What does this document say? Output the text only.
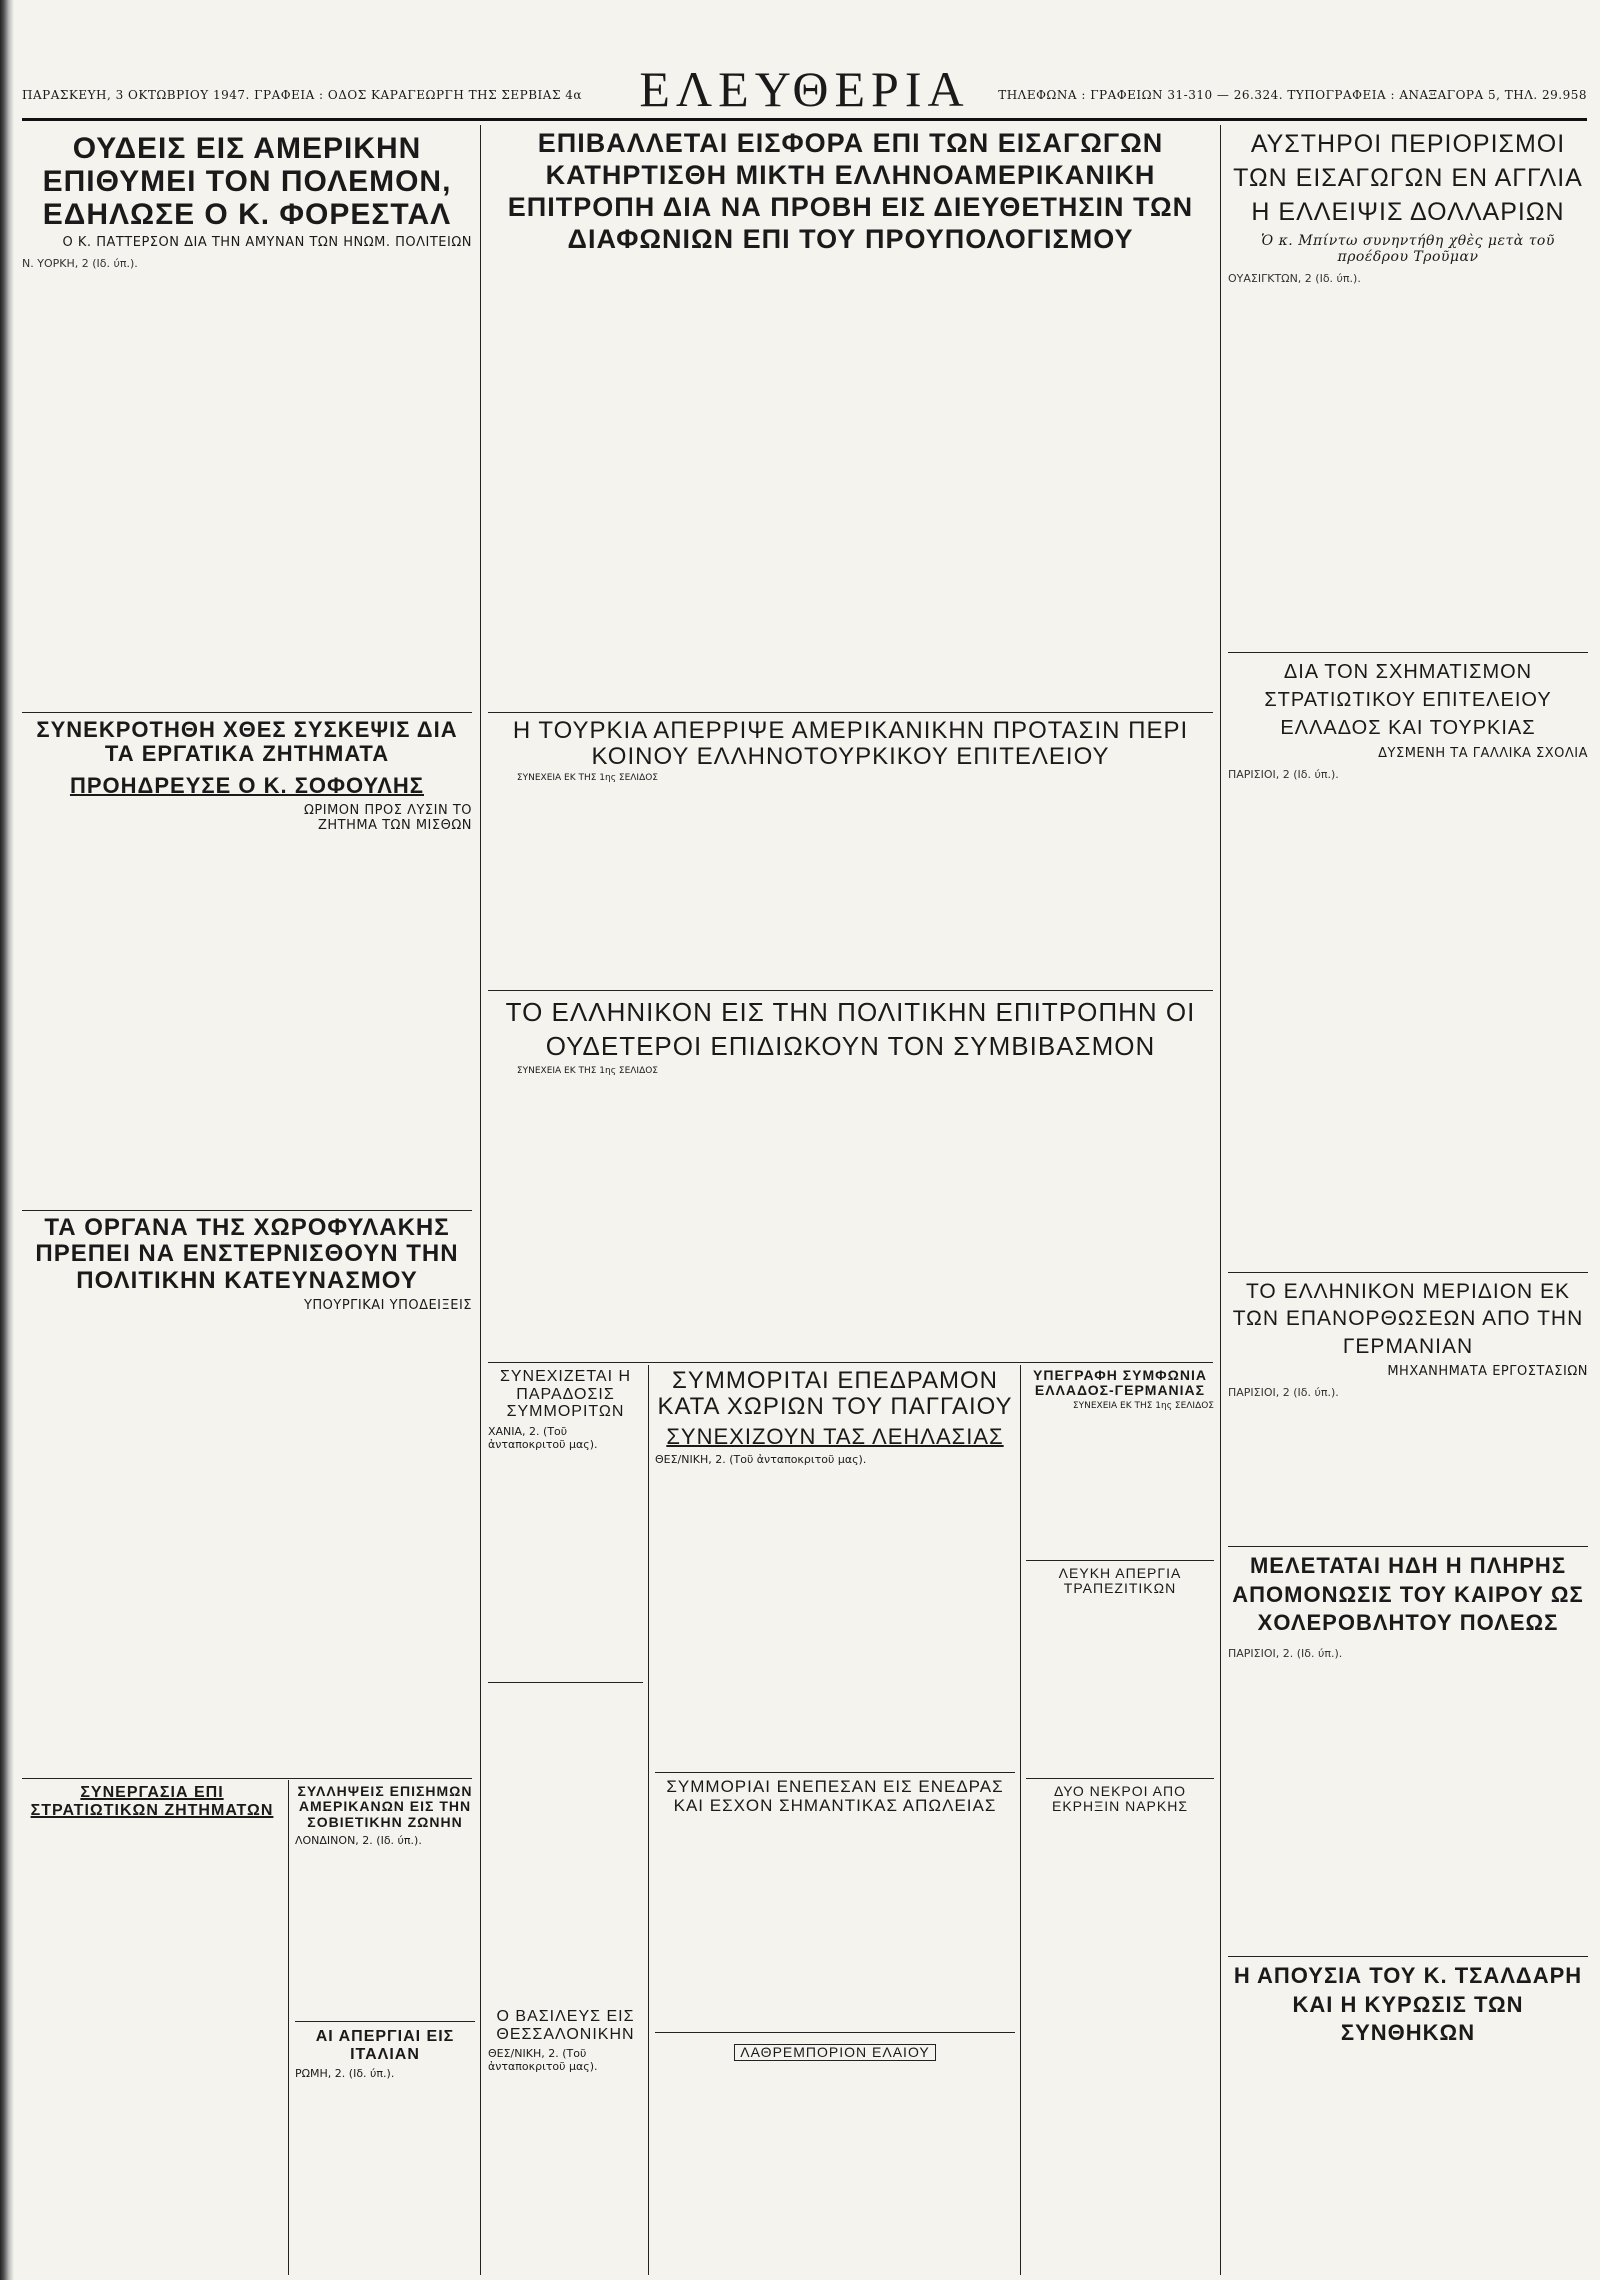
ΠΑΡΑΣΚΕΥΗ, 3 ΟΚΤΩΒΡΙΟΥ 1947. ΓΡΑΦΕΙΑ : ΟΔΟΣ ΚΑΡΑΓΕΩΡΓΗ ΤΗΣ ΣΕΡΒΙΑΣ 4α	ΕΛΕΥΘΕΡΙΑ	ΤΗΛΕΦΩΝΑ : ΓΡΑΦΕΙΩΝ 31-310 — 26.324. ΤΥΠΟΓΡΑΦΕΙΑ : ΑΝΑΞΑΓΟΡΑ 5, ΤΗΛ. 29.958
ΟΥΔΕΙΣ ΕΙΣ ΑΜΕΡΙΚΗΝ ΕΠΙΘΥΜΕΙ ΤΟΝ ΠΟΛΕΜΟΝ, ΕΔΗΛΩΣΕ Ο Κ. ΦΟΡΕΣΤΑΛ
Ο Κ. ΠΑΤΤΕΡΣΟΝ ΔΙΑ ΤΗΝ ΑΜΥΝΑΝ ΤΩΝ ΗΝΩΜ. ΠΟΛΙΤΕΙΩΝ
Ν. ΥΟΡΚΗ, 2 (Ιδ. ύπ.).
ΣΥΝΕΚΡΟΤΗΘΗ ΧΘΕΣ ΣΥΣΚΕΨΙΣ ΔΙΑ ΤΑ ΕΡΓΑΤΙΚΑ ΖΗΤΗΜΑΤΑ
ΠΡΟΗΔΡΕΥΣΕ Ο Κ. ΣΟΦΟΥΛΗΣ
ΩΡΙΜΟΝ ΠΡΟΣ ΛΥΣΙΝ ΤΟ ΖΗΤΗΜΑ ΤΩΝ ΜΙΣΘΩΝ
ΤΑ ΟΡΓΑΝΑ ΤΗΣ ΧΩΡΟΦΥΛΑΚΗΣ ΠΡΕΠΕΙ ΝΑ ΕΝΣΤΕΡΝΙΣΘΟΥΝ ΤΗΝ ΠΟΛΙΤΙΚΗΝ ΚΑΤΕΥΝΑΣΜΟΥ
ΥΠΟΥΡΓΙΚΑΙ ΥΠΟΔΕΙΞΕΙΣ
ΣΥΝΕΡΓΑΣΙΑ ΕΠΙ ΣΤΡΑΤΙΩΤΙΚΩΝ ΖΗΤΗΜΑΤΩΝ
ΣΥΛΛΗΨΕΙΣ ΕΠΙΣΗΜΩΝ ΑΜΕΡΙΚΑΝΩΝ ΕΙΣ ΤΗΝ ΣΟΒΙΕΤΙΚΗΝ ΖΩΝΗΝ
ΛΟΝΔΙΝΟΝ, 2. (Ιδ. ύπ.).
ΑΙ ΑΠΕΡΓΙΑΙ ΕΙΣ ΙΤΑΛΙΑΝ
ΡΩΜΗ, 2. (Ιδ. ύπ.).
ΕΠΙΒΑΛΛΕΤΑΙ ΕΙΣΦΟΡΑ ΕΠΙ ΤΩΝ ΕΙΣΑΓΩΓΩΝ ΚΑΤΗΡΤΙΣΘΗ ΜΙΚΤΗ ΕΛΛΗΝΟΑΜΕΡΙΚΑΝΙΚΗ ΕΠΙΤΡΟΠΗ ΔΙΑ ΝΑ ΠΡΟΒΗ ΕΙΣ ΔΙΕΥΘΕΤΗΣΙΝ ΤΩΝ ΔΙΑΦΩΝΙΩΝ ΕΠΙ ΤΟΥ ΠΡΟΥΠΟΛΟΓΙΣΜΟΥ
Η ΤΟΥΡΚΙΑ ΑΠΕΡΡΙΨΕ ΑΜΕΡΙΚΑΝΙΚΗΝ ΠΡΟΤΑΣΙΝ ΠΕΡΙ ΚΟΙΝΟΥ ΕΛΛΗΝΟΤΟΥΡΚΙΚΟΥ ΕΠΙΤΕΛΕΙΟΥ
ΣΥΝΕΧΕΙΑ ΕΚ ΤΗΣ 1ης ΣΕΛΙΔΟΣ
ΤΟ ΕΛΛΗΝΙΚΟΝ ΕΙΣ ΤΗΝ ΠΟΛΙΤΙΚΗΝ ΕΠΙΤΡΟΠΗΝ ΟΙ ΟΥΔΕΤΕΡΟΙ ΕΠΙΔΙΩΚΟΥΝ ΤΟΝ ΣΥΜΒΙΒΑΣΜΟΝ
ΣΥΝΕΧΕΙΑ ΕΚ ΤΗΣ 1ης ΣΕΛΙΔΟΣ
ΣΥΝΕΧΙΖΕΤΑΙ Η ΠΑΡΑΔΟΣΙΣ ΣΥΜΜΟΡΙΤΩΝ
ΧΑΝΙΑ, 2. (Τοῦ ἀνταποκριτοῦ μας).
Ο ΒΑΣΙΛΕΥΣ ΕΙΣ ΘΕΣΣΑΛΟΝΙΚΗΝ
ΘΕΣ/ΝΙΚΗ, 2. (Τοῦ ἀνταποκριτοῦ μας).
ΣΥΜΜΟΡΙΤΑΙ ΕΠΕΔΡΑΜΟΝ ΚΑΤΑ ΧΩΡΙΩΝ ΤΟΥ ΠΑΓΓΑΙΟΥ
ΣΥΝΕΧΙΖΟΥΝ ΤΑΣ ΛΕΗΛΑΣΙΑΣ
ΘΕΣ/ΝΙΚΗ, 2. (Τοῦ ἀνταποκριτοῦ μας).
ΣΥΜΜΟΡΙΑΙ ΕΝΕΠΕΣΑΝ ΕΙΣ ΕΝΕΔΡΑΣ ΚΑΙ ΕΣΧΟΝ ΣΗΜΑΝΤΙΚΑΣ ΑΠΩΛΕΙΑΣ
ΛΑΘΡΕΜΠΟΡΙΟΝ ΕΛΑΙΟΥ
ΥΠΕΓΡΑΦΗ ΣΥΜΦΩΝΙΑ ΕΛΛΑΔΟΣ-ΓΕΡΜΑΝΙΑΣ
ΣΥΝΕΧΕΙΑ ΕΚ ΤΗΣ 1ης ΣΕΛΙΔΟΣ
ΛΕΥΚΗ ΑΠΕΡΓΙΑ ΤΡΑΠΕΖΙΤΙΚΩΝ
ΔΥΟ ΝΕΚΡΟΙ ΑΠΟ ΕΚΡΗΞΙΝ ΝΑΡΚΗΣ
ΑΥΣΤΗΡΟΙ ΠΕΡΙΟΡΙΣΜΟΙ ΤΩΝ ΕΙΣΑΓΩΓΩΝ ΕΝ ΑΓΓΛΙΑ Η ΕΛΛΕΙΨΙΣ ΔΟΛΛΑΡΙΩΝ
Ὁ κ. Μπίντω συνηντήθη χθὲς μετὰ τοῦ προέδρου Τροῦμαν
ΟΥΑΣΙΓΚΤΩΝ, 2 (Ιδ. ύπ.).
ΔΙΑ ΤΟΝ ΣΧΗΜΑΤΙΣΜΟΝ ΣΤΡΑΤΙΩΤΙΚΟΥ ΕΠΙΤΕΛΕΙΟΥ ΕΛΛΑΔΟΣ ΚΑΙ ΤΟΥΡΚΙΑΣ
ΔΥΣΜΕΝΗ ΤΑ ΓΑΛΛΙΚΑ ΣΧΟΛΙΑ
ΠΑΡΙΣΙΟΙ, 2 (Ιδ. ύπ.).
ΤΟ ΕΛΛΗΝΙΚΟΝ ΜΕΡΙΔΙΟΝ ΕΚ ΤΩΝ ΕΠΑΝΟΡΘΩΣΕΩΝ ΑΠΟ ΤΗΝ ΓΕΡΜΑΝΙΑΝ
ΜΗΧΑΝΗΜΑΤΑ ΕΡΓΟΣΤΑΣΙΩΝ
ΠΑΡΙΣΙΟΙ, 2 (Ιδ. ύπ.).
ΜΕΛΕΤΑΤΑΙ ΗΔΗ Η ΠΛΗΡΗΣ ΑΠΟΜΟΝΩΣΙΣ ΤΟΥ ΚΑΙΡΟΥ ΩΣ ΧΟΛΕΡΟΒΛΗΤΟΥ ΠΟΛΕΩΣ
ΠΑΡΙΣΙΟΙ, 2. (Ιδ. ύπ.).
Η ΑΠΟΥΣΙΑ ΤΟΥ Κ. ΤΣΑΛΔΑΡΗ ΚΑΙ Η ΚΥΡΩΣΙΣ ΤΩΝ ΣΥΝΘΗΚΩΝ
